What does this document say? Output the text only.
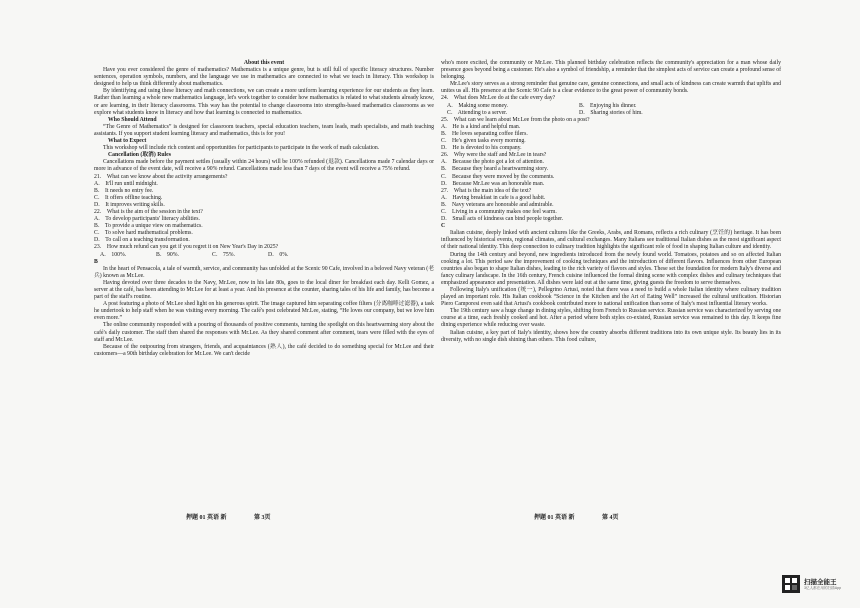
About this event

Have you ever considered the genre of mathematics? Mathematics is a unique genre, but is still full of specific literacy structures. Number sentences, operation symbols, numbers, and the language we use in mathematics are connected to what we teach in literacy. This workshop is designed to help us think differently about mathematics.

By identifying and using these literacy and math connections, we can create a more uniform learning experience for our students as they learn. Rather than learning a whole new mathematics language, let's work together to consider how mathematics is related to what students already know, or are learning, in their literacy classrooms. This way has the potential to change classrooms into strengths-based mathematics classrooms as we explore what students know in literacy and how that learning is connected to mathematics.

Who Should Attend

“The Genre of Mathematics” is designed for classroom teachers, special education teachers, team leads, math specialists, and math teaching assistants. If you support student learning literacy and mathematics, this is for you!

What to Expect

This workshop will include rich content and opportunities for participants to participate in the work of math calculation.

Cancellation (取消) Rules

Cancellations made before the payment settles (usually within 24 hours) will be 100% refunded (退款). Cancellations made 7 calendar days or more in advance of the event date, will receive a 90% refund. Cancellations made less than 7 days of the event will receive a 75% refund.

21． What can we know about the activity arrangements?

A． It'll run until midnight.

B． It needs no entry fee.

C． It offers offline teaching.

D． It improves writing skills.

22． What is the aim of the session in the text?

A． To develop participants' literacy abilities.

B． To provide a unique view on mathematics.

C． To solve hard mathematical problems.

D． To call on a teaching transformation.

23． How much refund can you get if you regret it on New Year's Day in 2025?

A． 100%.	B． 90%.	C． 75%.	D． 0%.

B

In the heart of Pensacola, a tale of warmth, service, and community has unfolded at the Scenic 90 Cafe, involved in a beloved Navy veteran (老兵) known as Mr.Lee.

Having devoted over three decades to the Navy, Mr.Lee, now in his late 80s, goes to the local diner for breakfast each day. Kelli Gomez, a server at the café, has been attending to Mr.Lee for at least a year. And his presence at the counter, sharing tales of his life and family, has become a part of the staff's routine.

A post featuring a photo of Mr.Lee shed light on his generous spirit. The image captured him separating coffee filters (分离咖啡过滤器), a task he undertook to help staff when he was visiting every morning. The café's post celebrated Mr.Lee, stating, “He loves our company, but we love him even more.”

The online community responded with a pouring of thousands of positive comments, turning the spotlight on this heartwarming story about the café's daily customer. The staff then shared the responses with Mr.Lee. As they shared comment after comment, tears were filled with the eyes of staff and Mr.Lee.

Because of the outpouring from strangers, friends, and acquaintances (熟人), the café decided to do something special for Mr.Lee and their customers—a 90th birthday celebration for Mr.Lee. We can't decide

押题 01 英语 新	第 3页

who's more excited, the community or Mr.Lee. This planned birthday celebration reflects the community's appreciation for a man whose daily presence goes beyond being a customer. He's also a symbol of friendship, a reminder that the simplest acts of service can create a profound sense of belonging.

Mr.Lee's story serves as a strong reminder that genuine care, genuine connections, and small acts of kindness can create warmth that uplifts and unites us all. His presence at the Scenic 90 Cafe is a clear evidence to the great power of community bonds.

24． What does Mr.Lee do at the cafe every day?

A． Making some money.	B． Enjoying his dinner.
C． Attending to a server.	D． Sharing stories of him.

25． What can we learn about Mr.Lee from the photo on a post?

A． He is a kind and helpful man.

B． He loves separating coffee filers.

C． He's given tasks every morning.

D． He is devoted to his company.

26． Why were the staff and Mr.Lee in tears?

A． Because the photo got a lot of attention.

B． Because they heard a heartwarming story.

C． Because they were moved by the comments.

D． Because Mr.Lee was an honorable man.

27． What is the main idea of the text?

A． Having breakfast in cafe is a good habit.

B． Navy veterans are honorable and admirable.

C． Living in a community makes one feel warm.

D． Small acts of kindness can bind people together.

C

Italian cuisine, deeply linked with ancient cultures like the Greeks, Arabs, and Romans, reflects a rich culinary (烹饪的) heritage. It has been influenced by historical events, regional climates, and cultural exchanges. Many Italians see traditional Italian dishes as the most significant aspect of their national identity. This deep connection to culinary tradition highlights the significant role of food in shaping Italian culture and identity.

During the 14th century and beyond, new ingredients introduced from the newly found world. Tomatoes, potatoes and so on affected Italian cooking a lot. This period saw the improvement of cooking techniques and the introduction of different flavors. Influences from other European countries also began to shape Italian dishes, leading to the rich variety of flavors and styles. These set the foundation for modern Italy's diverse and fancy culinary landscape. In the 16th century, French cuisine influenced the formal dining scene with complex dishes and culinary techniques that emphasized appearance and presentation. All dishes were laid out at the same time, giving guests the freedom to serve themselves.

Following Italy's unification (统一), Pellegrino Artusi, noted that there was a need to build a whole Italian identity where culinary tradition played an important role. His Italian cookbook “Science in the Kitchen and the Art of Eating Well” increased the cultural unification. Historian Piero Camporesi even said that Artusi's cookbook contributed more to national unification than some of Italy's most influential literary works.

The 19th century saw a huge change in dining styles, shifting from French to Russian service. Russian service was characterized by serving one course at a time, each freshly cooked and hot. After a period where both styles co-existed, Russian service was remained to this day. It keeps fine dining experience while reducing over waste.

Italian cuisine, a key part of Italy's identity, shows how the country absorbs different traditions into its own unique style. Its beauty lies in its diversity, with no single dish shining than others. This food culture,

押题 01 英语 新	第 4页
扫描全能王
3亿人都在用的扫描App
